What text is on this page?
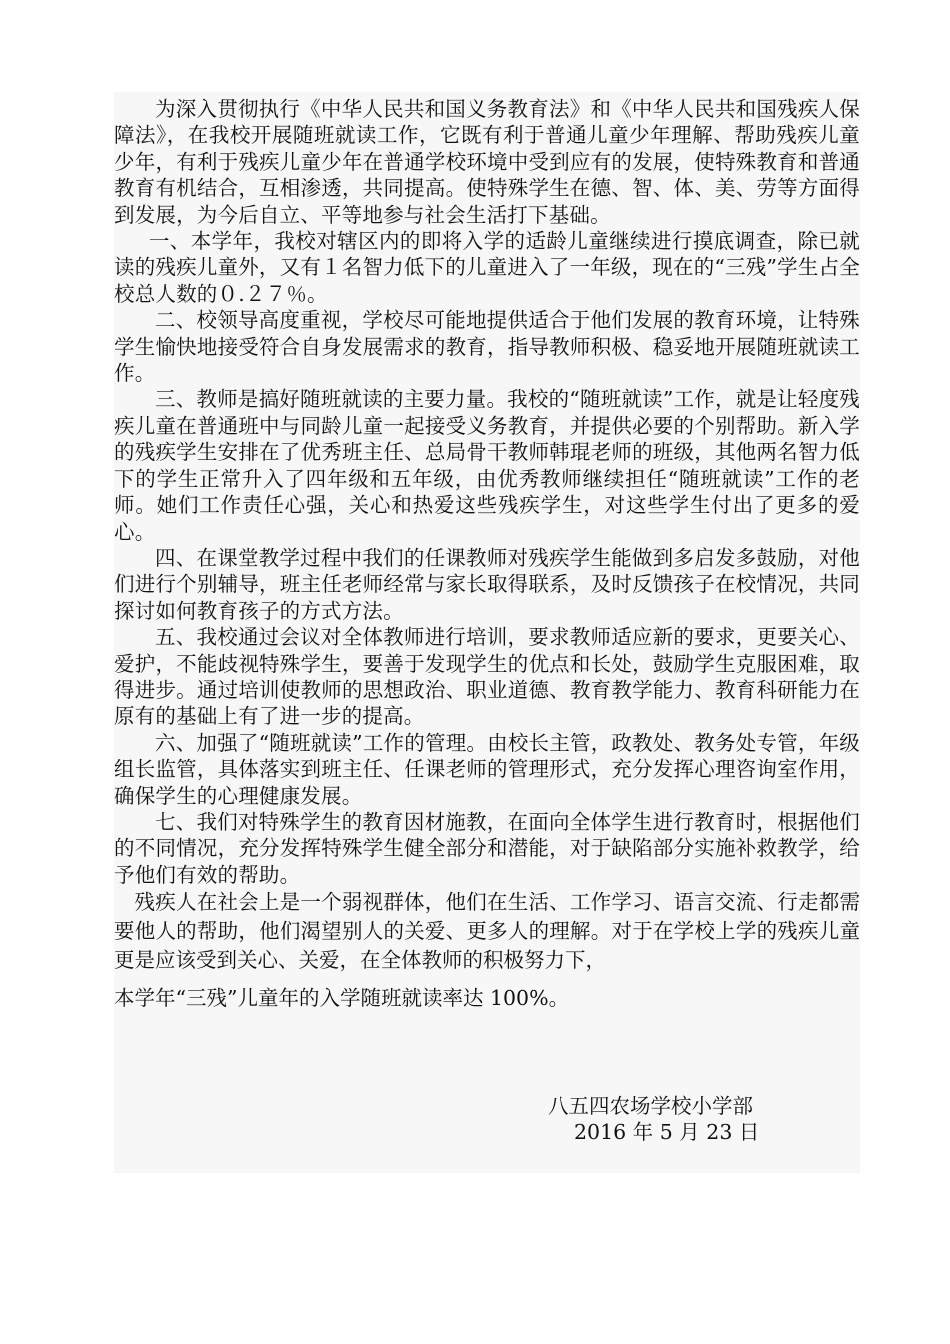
为深入贯彻执行《中华人民共和国义务教育法》和《中华人民共和国残疾人保障法》，在我校开展随班就读工作，它既有利于普通儿童少年理解、帮助残疾儿童少年，有利于残疾儿童少年在普通学校环境中受到应有的发展，使特殊教育和普通教育有机结合，互相渗透，共同提高。使特殊学生在德、智、体、美、劳等方面得到发展，为今后自立、平等地参与社会生活打下基础。

一、本学年，我校对辖区内的即将入学的适龄儿童继续进行摸底调查，除已就读的残疾儿童外，又有１名智力低下的儿童进入了一年级，现在的“三残”学生占全校总人数的０.２７％。

二、校领导高度重视，学校尽可能地提供适合于他们发展的教育环境，让特殊学生愉快地接受符合自身发展需求的教育，指导教师积极、稳妥地开展随班就读工作。

三、教师是搞好随班就读的主要力量。我校的“随班就读”工作，就是让轻度残疾儿童在普通班中与同龄儿童一起接受义务教育，并提供必要的个别帮助。新入学的残疾学生安排在了优秀班主任、总局骨干教师韩琨老师的班级，其他两名智力低下的学生正常升入了四年级和五年级，由优秀教师继续担任“随班就读”工作的老师。她们工作责任心强，关心和热爱这些残疾学生，对这些学生付出了更多的爱心。

四、在课堂教学过程中我们的任课教师对残疾学生能做到多启发多鼓励，对他们进行个别辅导，班主任老师经常与家长取得联系，及时反馈孩子在校情况，共同探讨如何教育孩子的方式方法。

五、我校通过会议对全体教师进行培训，要求教师适应新的要求，更要关心、爱护，不能歧视特殊学生，要善于发现学生的优点和长处，鼓励学生克服困难，取得进步。通过培训使教师的思想政治、职业道德、教育教学能力、教育科研能力在原有的基础上有了进一步的提高。

六、加强了“随班就读”工作的管理。由校长主管，政教处、教务处专管，年级组长监管，具体落实到班主任、任课老师的管理形式，充分发挥心理咨询室作用，确保学生的心理健康发展。

七、我们对特殊学生的教育因材施教，在面向全体学生进行教育时，根据他们的不同情况，充分发挥特殊学生健全部分和潜能，对于缺陷部分实施补救教学，给予他们有效的帮助。

残疾人在社会上是一个弱视群体，他们在生活、工作学习、语言交流、行走都需要他人的帮助，他们渴望别人的关爱、更多人的理解。对于在学校上学的残疾儿童更是应该受到关心、关爱，在全体教师的积极努力下，

本学年“三残”儿童年的入学随班就读率达 100%。

八五四农场学校小学部

2016 年 5 月 23 日
